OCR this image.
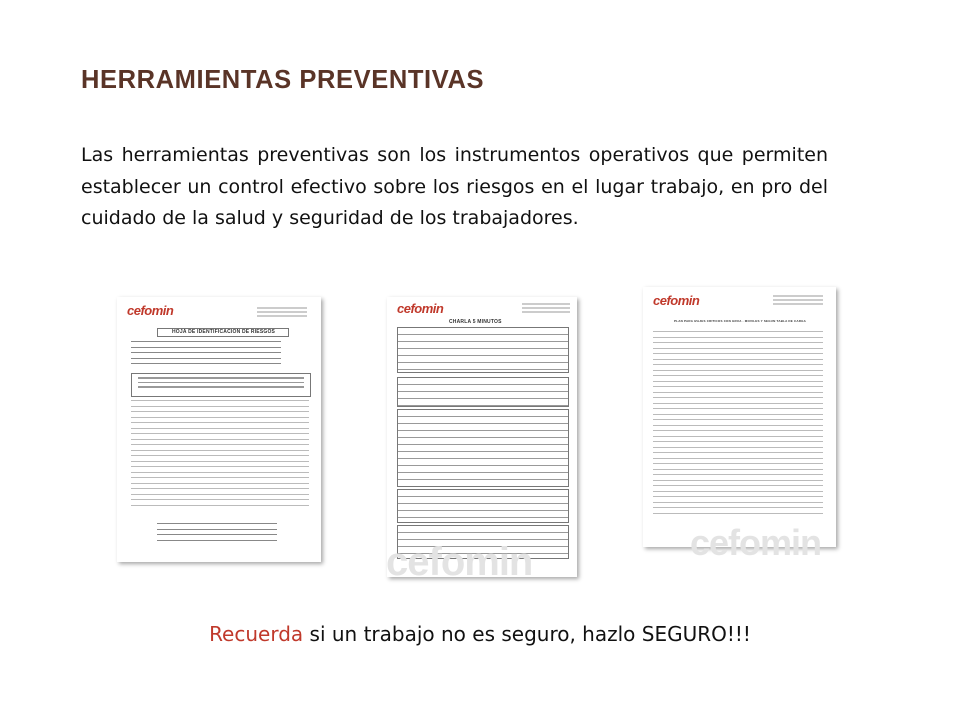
HERRAMIENTAS PREVENTIVAS
Las herramientas preventivas son los instrumentos operativos que permiten establecer un control efectivo sobre los riesgos en el lugar trabajo, en pro del cuidado de la salud y seguridad de los trabajadores.
cefomin
HOJA DE IDENTIFICACION DE RIESGOS
cefomin
CHARLA 5 MINUTOS
cefomin
PLAN PARA IZAJES CRITICOS CON GRUA - MOVILES Y SEGUN TABLA DE CARGA
cefomin	cefomin
Recuerda si un trabajo no es seguro, hazlo SEGURO!!!
